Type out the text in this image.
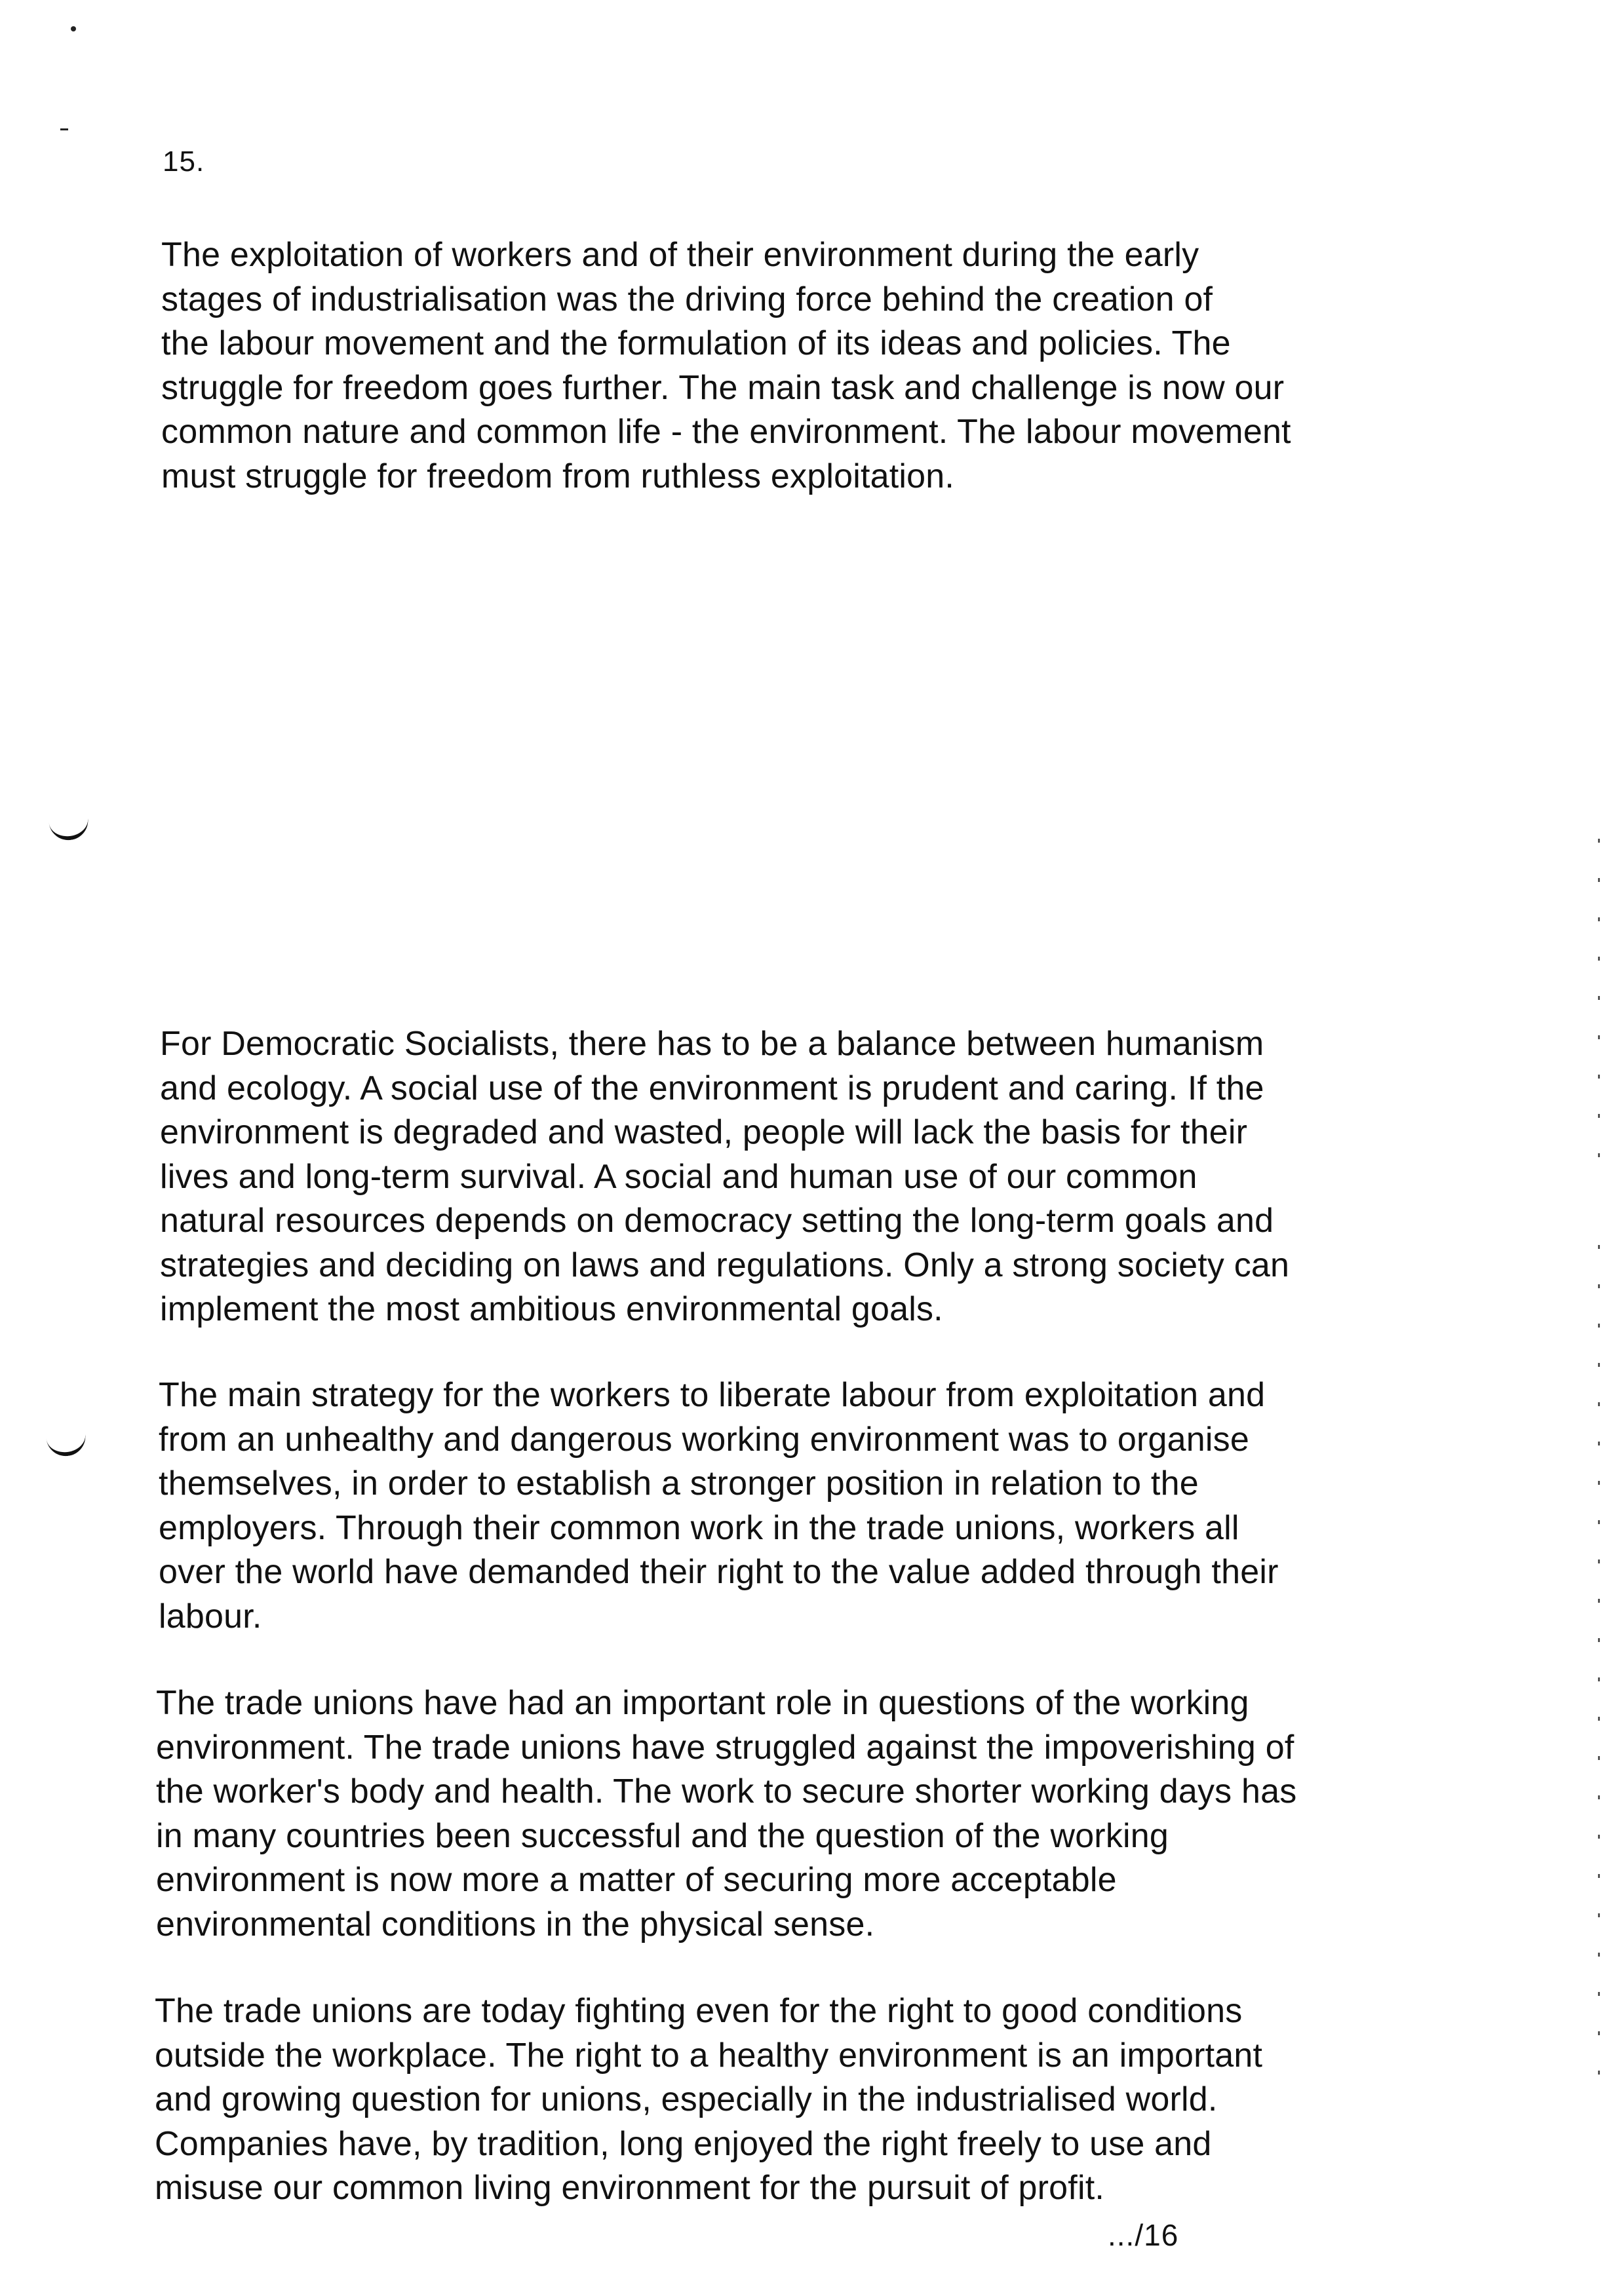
15.

The exploitation of workers and of their environment during the early
stages of industrialisation was the driving force behind the creation of
the labour movement and the formulation of its ideas and policies. The
struggle for freedom goes further. The main task and challenge is now our
common nature and common life - the environment. The labour movement
must struggle for freedom from ruthless exploitation.

For Democratic Socialists, there has to be a balance between humanism
and ecology. A social use of the environment is prudent and caring. If the
environment is degraded and wasted, people will lack the basis for their
lives and long-term survival. A social and human use of our common
natural resources depends on democracy setting the long-term goals and
strategies and deciding on laws and regulations. Only a strong society can
implement the most ambitious environmental goals.

The main strategy for the workers to liberate labour from exploitation and
from an unhealthy and dangerous working environment was to organise
themselves, in order to establish a stronger position in relation to the
employers. Through their common work in the trade unions, workers all
over the world have demanded their right to the value added through their
labour.

The trade unions have had an important role in questions of the working
environment. The trade unions have struggled against the impoverishing of
the worker's body and health. The work to secure shorter working days has
in many countries been successful and the question of the working
environment is now more a matter of securing more acceptable
environmental conditions in the physical sense.

The trade unions are today fighting even for the right to good conditions
outside the workplace. The right to a healthy environment is an important
and growing question for unions, especially in the industrialised world.
Companies have, by tradition, long enjoyed the right freely to use and
misuse our common living environment for the pursuit of profit.

.../16
